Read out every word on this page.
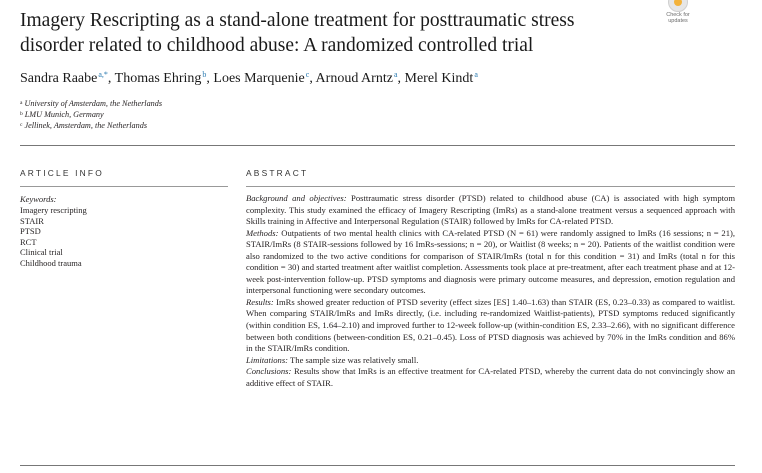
Imagery Rescripting as a stand-alone treatment for posttraumatic stress disorder related to childhood abuse: A randomized controlled trial
Check for
updates
Sandra Raabe$^{a,*}$, Thomas Ehring$^b$, Loes Marquenie$^c$, Arnoud Arntz$^a$, Merel Kindt$^a$
$^a$ University of Amsterdam, the Netherlands
$^b$ LMU Munich, Germany
$^c$ Jellinek, Amsterdam, the Netherlands
ARTICLE INFO	ABSTRACT
Keywords:
Imagery rescripting
STAIR
PTSD
RCT
Clinical trial
Childhood trauma

Background and objectives: Posttraumatic stress disorder (PTSD) related to childhood abuse (CA) is associated with high symptom complexity. This study examined the efficacy of Imagery Rescripting (ImRs) as a stand-alone treatment versus a sequenced approach with Skills training in Affective and Interpersonal Regulation (STAIR) followed by ImRs for CA-related PTSD.

Methods: Outpatients of two mental health clinics with CA-related PTSD (N = 61) were randomly assigned to ImRs (16 sessions; n = 21), STAIR/ImRs (8 STAIR-sessions followed by 16 ImRs-sessions; n = 20), or Waitlist (8 weeks; n = 20). Patients of the waitlist condition were also randomized to the two active conditions for comparison of STAIR/ImRs (total n for this condition = 31) and ImRs (total n for this condition = 30) and started treatment after waitlist completion. Assessments took place at pre-treatment, after each treatment phase and at 12-week post-intervention follow-up. PTSD symptoms and diagnosis were primary outcome measures, and depression, emotion regulation and interpersonal functioning were secondary outcomes.

Results: ImRs showed greater reduction of PTSD severity (effect sizes [ES] 1.40–1.63) than STAIR (ES, 0.23–0.33) as compared to waitlist. When comparing STAIR/ImRs and ImRs directly, (i.e. including re-randomized Waitlist-patients), PTSD symptoms reduced significantly (within condition ES, 1.64–2.10) and improved further to 12-week follow-up (within-condition ES, 2.33–2.66), with no significant difference between both conditions (between-condition ES, 0.21–0.45). Loss of PTSD diagnosis was achieved by 70% in the ImRs condition and 86% in the STAIR/ImRs condition.

Limitations: The sample size was relatively small.

Conclusions: Results show that ImRs is an effective treatment for CA-related PTSD, whereby the current data do not convincingly show an additive effect of STAIR.
